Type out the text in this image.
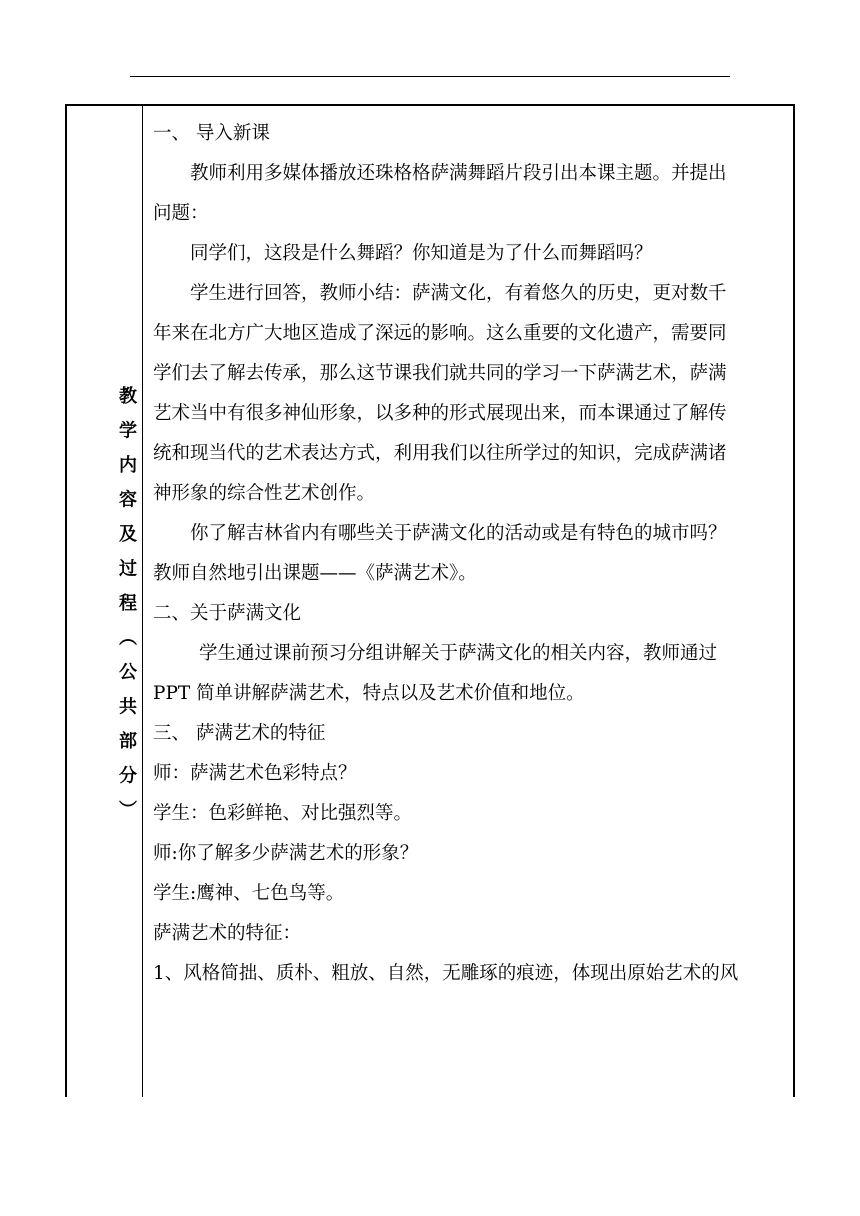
教学内容及过程（公共部分）
一、 导入新课
教师利用多媒体播放还珠格格萨满舞蹈片段引出本课主题。并提出
问题：
同学们，这段是什么舞蹈？你知道是为了什么而舞蹈吗？
学生进行回答，教师小结：萨满文化，有着悠久的历史，更对数千
年来在北方广大地区造成了深远的影响。这么重要的文化遗产，需要同
学们去了解去传承，那么这节课我们就共同的学习一下萨满艺术，萨满
艺术当中有很多神仙形象，以多种的形式展现出来，而本课通过了解传
统和现当代的艺术表达方式，利用我们以往所学过的知识，完成萨满诸
神形象的综合性艺术创作。
你了解吉林省内有哪些关于萨满文化的活动或是有特色的城市吗？
教师自然地引出课题——《萨满艺术》。
二、关于萨满文化
学生通过课前预习分组讲解关于萨满文化的相关内容，教师通过
PPT 简单讲解萨满艺术，特点以及艺术价值和地位。
三、 萨满艺术的特征
师：萨满艺术色彩特点？
学生：色彩鲜艳、对比强烈等。
师:你了解多少萨满艺术的形象？
学生:鹰神、七色鸟等。
萨满艺术的特征：
1、风格简拙、质朴、粗放、自然，无雕琢的痕迹，体现出原始艺术的风
